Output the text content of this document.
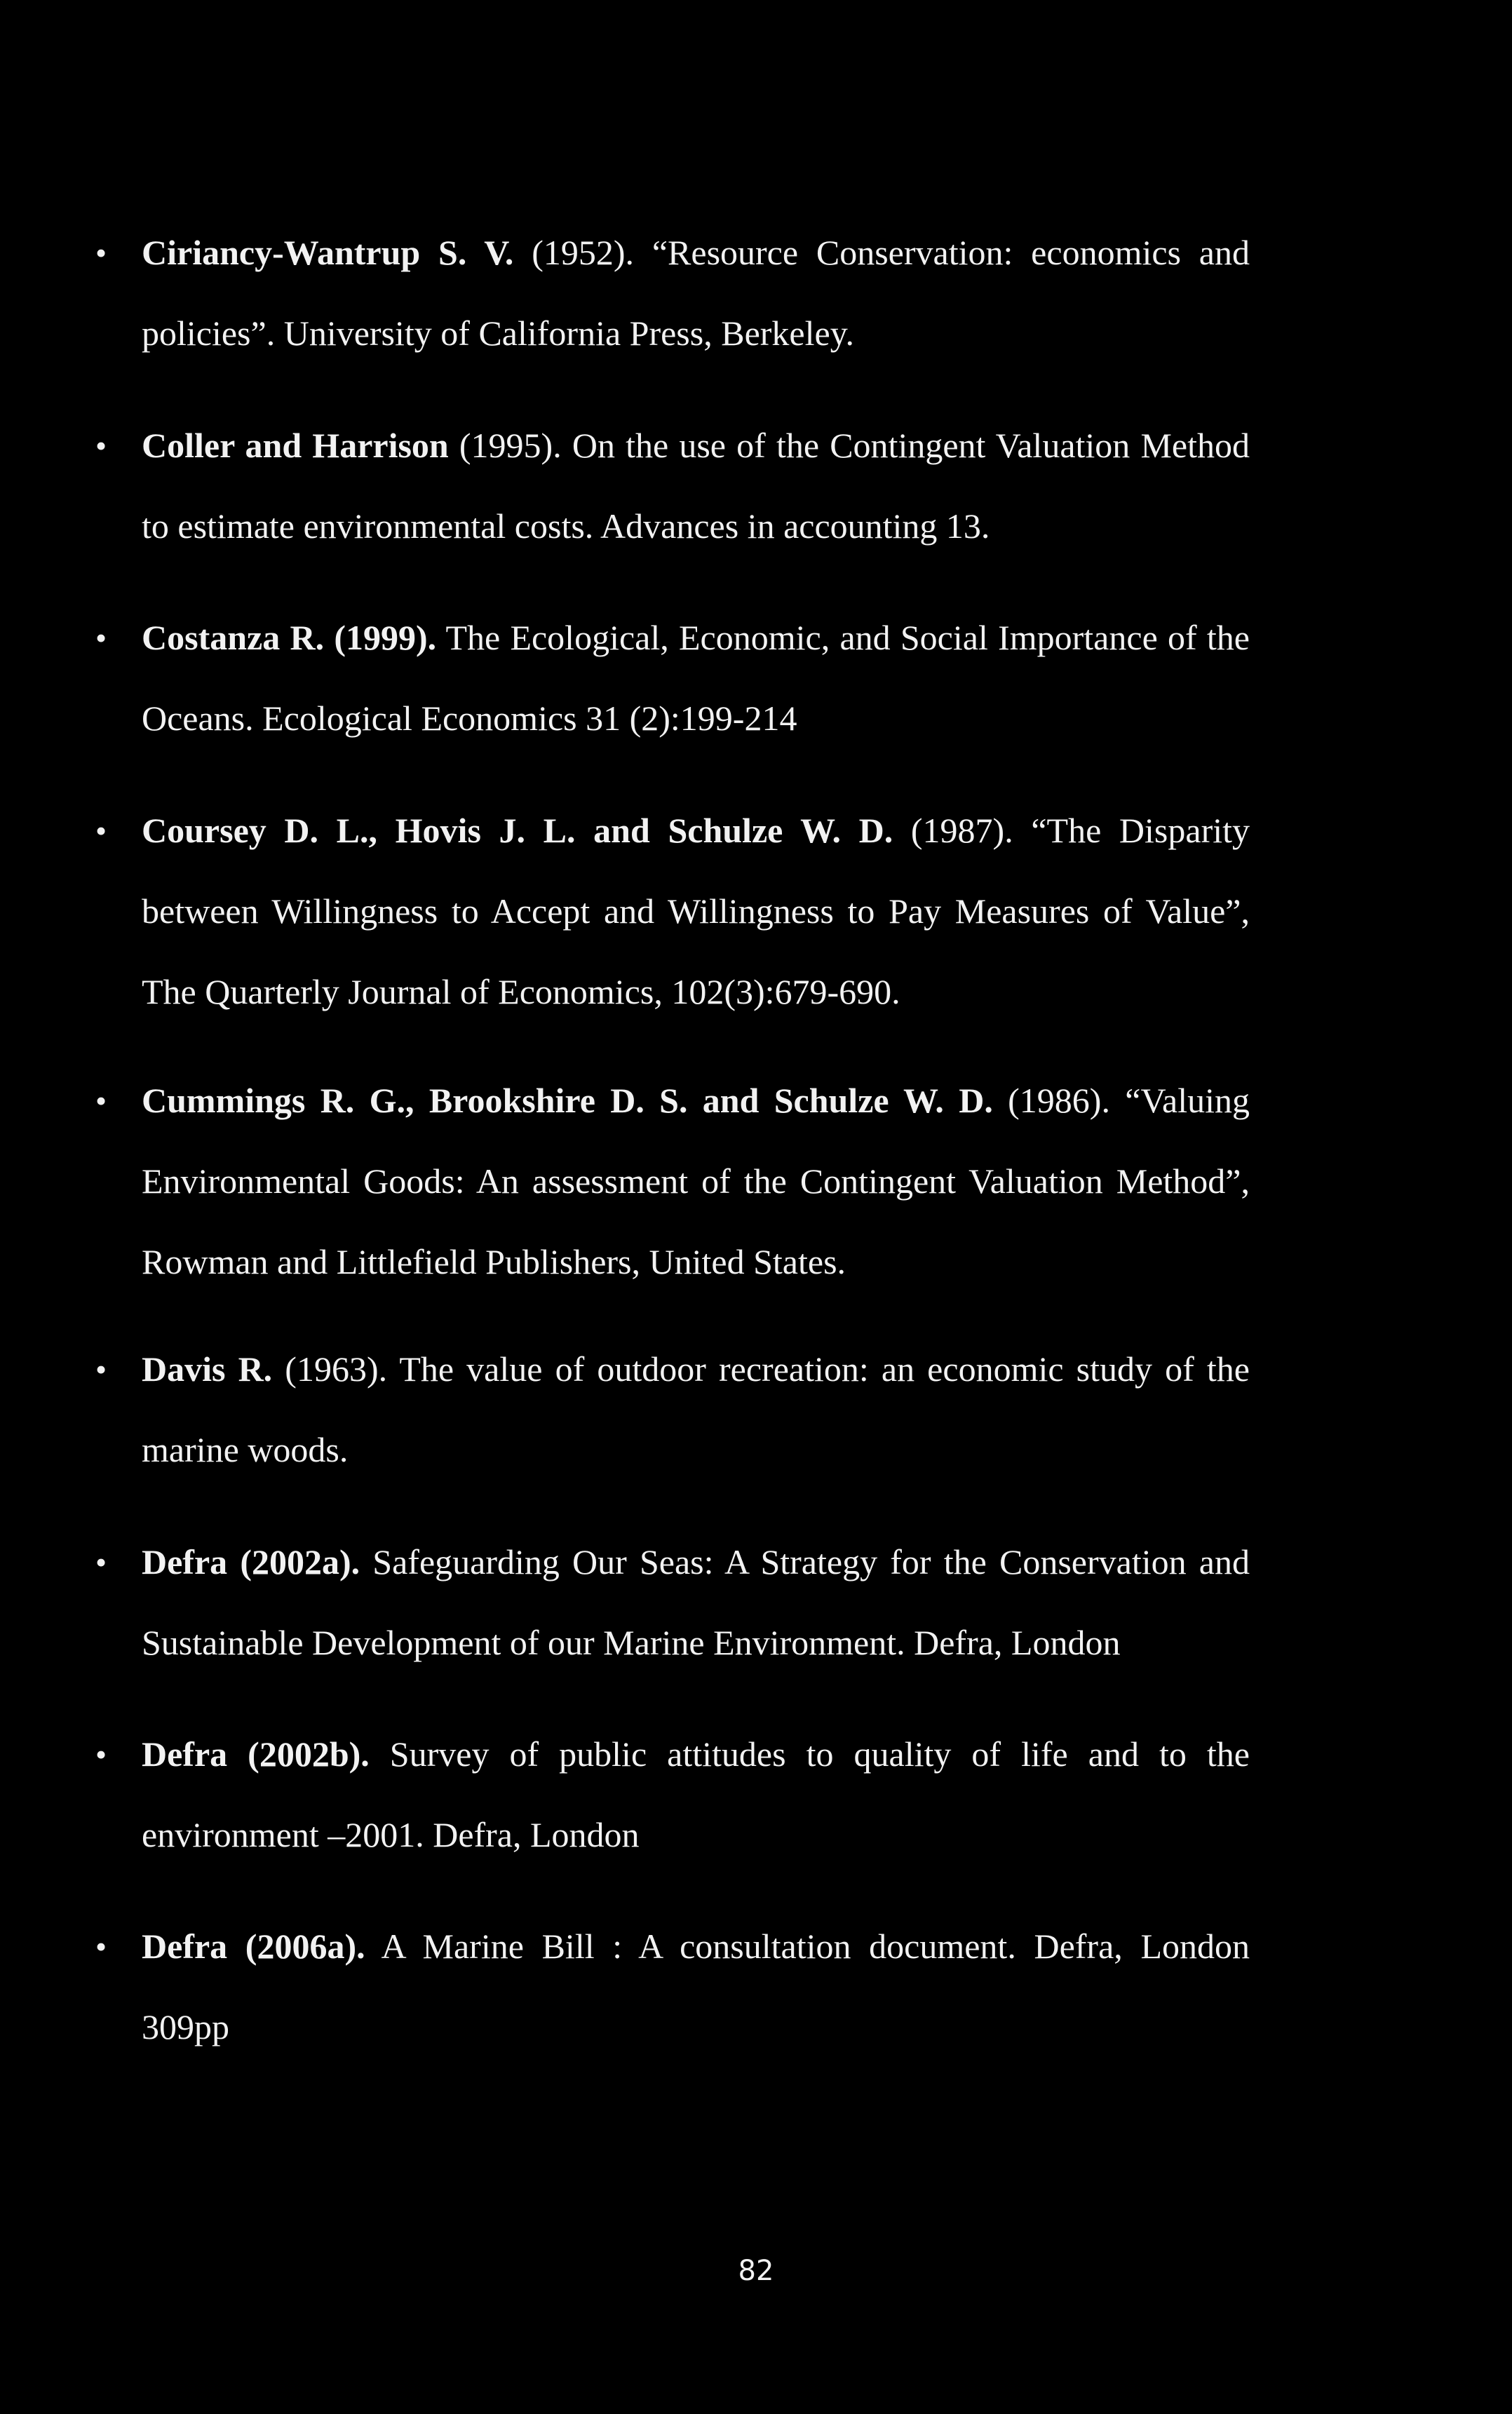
• Ciriancy-Wantrup S. V. (1952). “Resource Conservation: economics and policies”. University of California Press, Berkeley.
• Coller and Harrison (1995). On the use of the Contingent Valuation Method to estimate environmental costs. Advances in accounting 13.
• Costanza R. (1999). The Ecological, Economic, and Social Importance of the Oceans. Ecological Economics 31 (2):199-214
• Coursey D. L., Hovis J. L. and Schulze W. D. (1987). “The Disparity between Willingness to Accept and Willingness to Pay Measures of Value”, The Quarterly Journal of Economics, 102(3):679-690.
• Cummings R. G., Brookshire D. S. and Schulze W. D. (1986). “Valuing Environmental Goods: An assessment of the Contingent Valuation Method”, Rowman and Littlefield Publishers, United States.
• Davis R. (1963). The value of outdoor recreation: an economic study of the marine woods.
• Defra (2002a). Safeguarding Our Seas: A Strategy for the Conservation and Sustainable Development of our Marine Environment. Defra, London
• Defra (2002b). Survey of public attitudes to quality of life and to the environment –2001. Defra, London
• Defra (2006a). A Marine Bill : A consultation document. Defra, London 309pp
82
